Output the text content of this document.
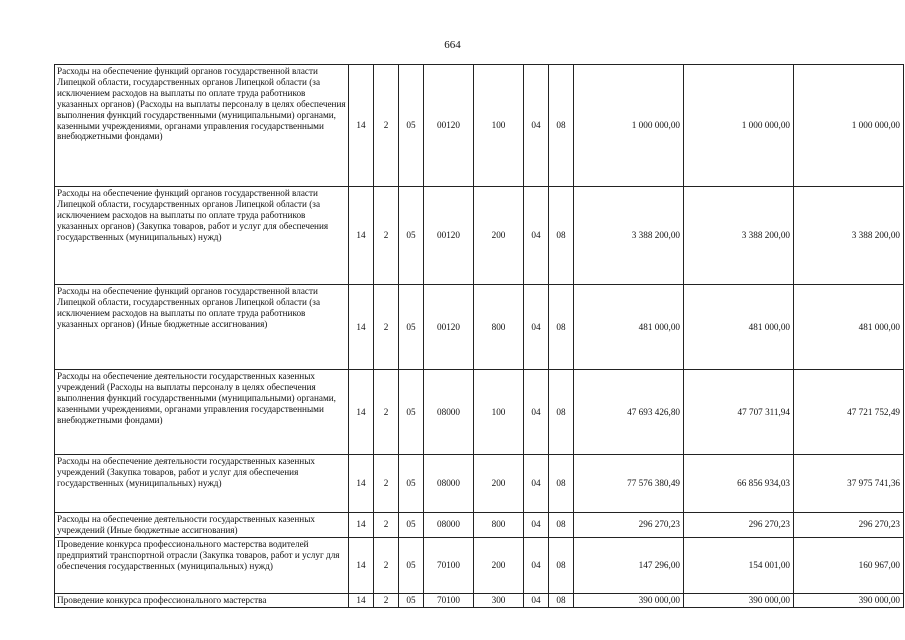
664
Расходы на обеспечение функций органов государственной власти Липецкой области, государственных органов Липецкой области (за исключением расходов на выплаты по оплате труда работников указанных органов) (Расходы на выплаты персоналу в целях обеспечения выполнения функций государственными (муниципальными) органами, казенными учреждениями, органами управления государственными внебюджетными фондами)	14	2	05	00120	100	04	08	1 000 000,00	1 000 000,00	1 000 000,00
Расходы на обеспечение функций органов государственной власти Липецкой области, государственных органов Липецкой области (за исключением расходов на выплаты по оплате труда работников указанных органов) (Закупка товаров, работ и услуг для обеспечения государственных (муниципальных) нужд)	14	2	05	00120	200	04	08	3 388 200,00	3 388 200,00	3 388 200,00
Расходы на обеспечение функций органов государственной власти Липецкой области, государственных органов Липецкой области (за исключением расходов на выплаты по оплате труда работников указанных органов) (Иные бюджетные ассигнования)	14	2	05	00120	800	04	08	481 000,00	481 000,00	481 000,00
Расходы на обеспечение деятельности государственных казенных учреждений (Расходы на выплаты персоналу в целях обеспечения выполнения функций государственными (муниципальными) органами, казенными учреждениями, органами управления государственными внебюджетными фондами)	14	2	05	08000	100	04	08	47 693 426,80	47 707 311,94	47 721 752,49
Расходы на обеспечение деятельности государственных казенных учреждений (Закупка товаров, работ и услуг для обеспечения государственных (муниципальных) нужд)	14	2	05	08000	200	04	08	77 576 380,49	66 856 934,03	37 975 741,36
Расходы на обеспечение деятельности государственных казенных учреждений (Иные бюджетные ассигнования)	14	2	05	08000	800	04	08	296 270,23	296 270,23	296 270,23
Проведение конкурса профессионального мастерства водителей предприятий транспортной отрасли (Закупка товаров, работ и услуг для обеспечения государственных (муниципальных) нужд)	14	2	05	70100	200	04	08	147 296,00	154 001,00	160 967,00
Проведение конкурса профессионального мастерства	14	2	05	70100	300	04	08	390 000,00	390 000,00	390 000,00
